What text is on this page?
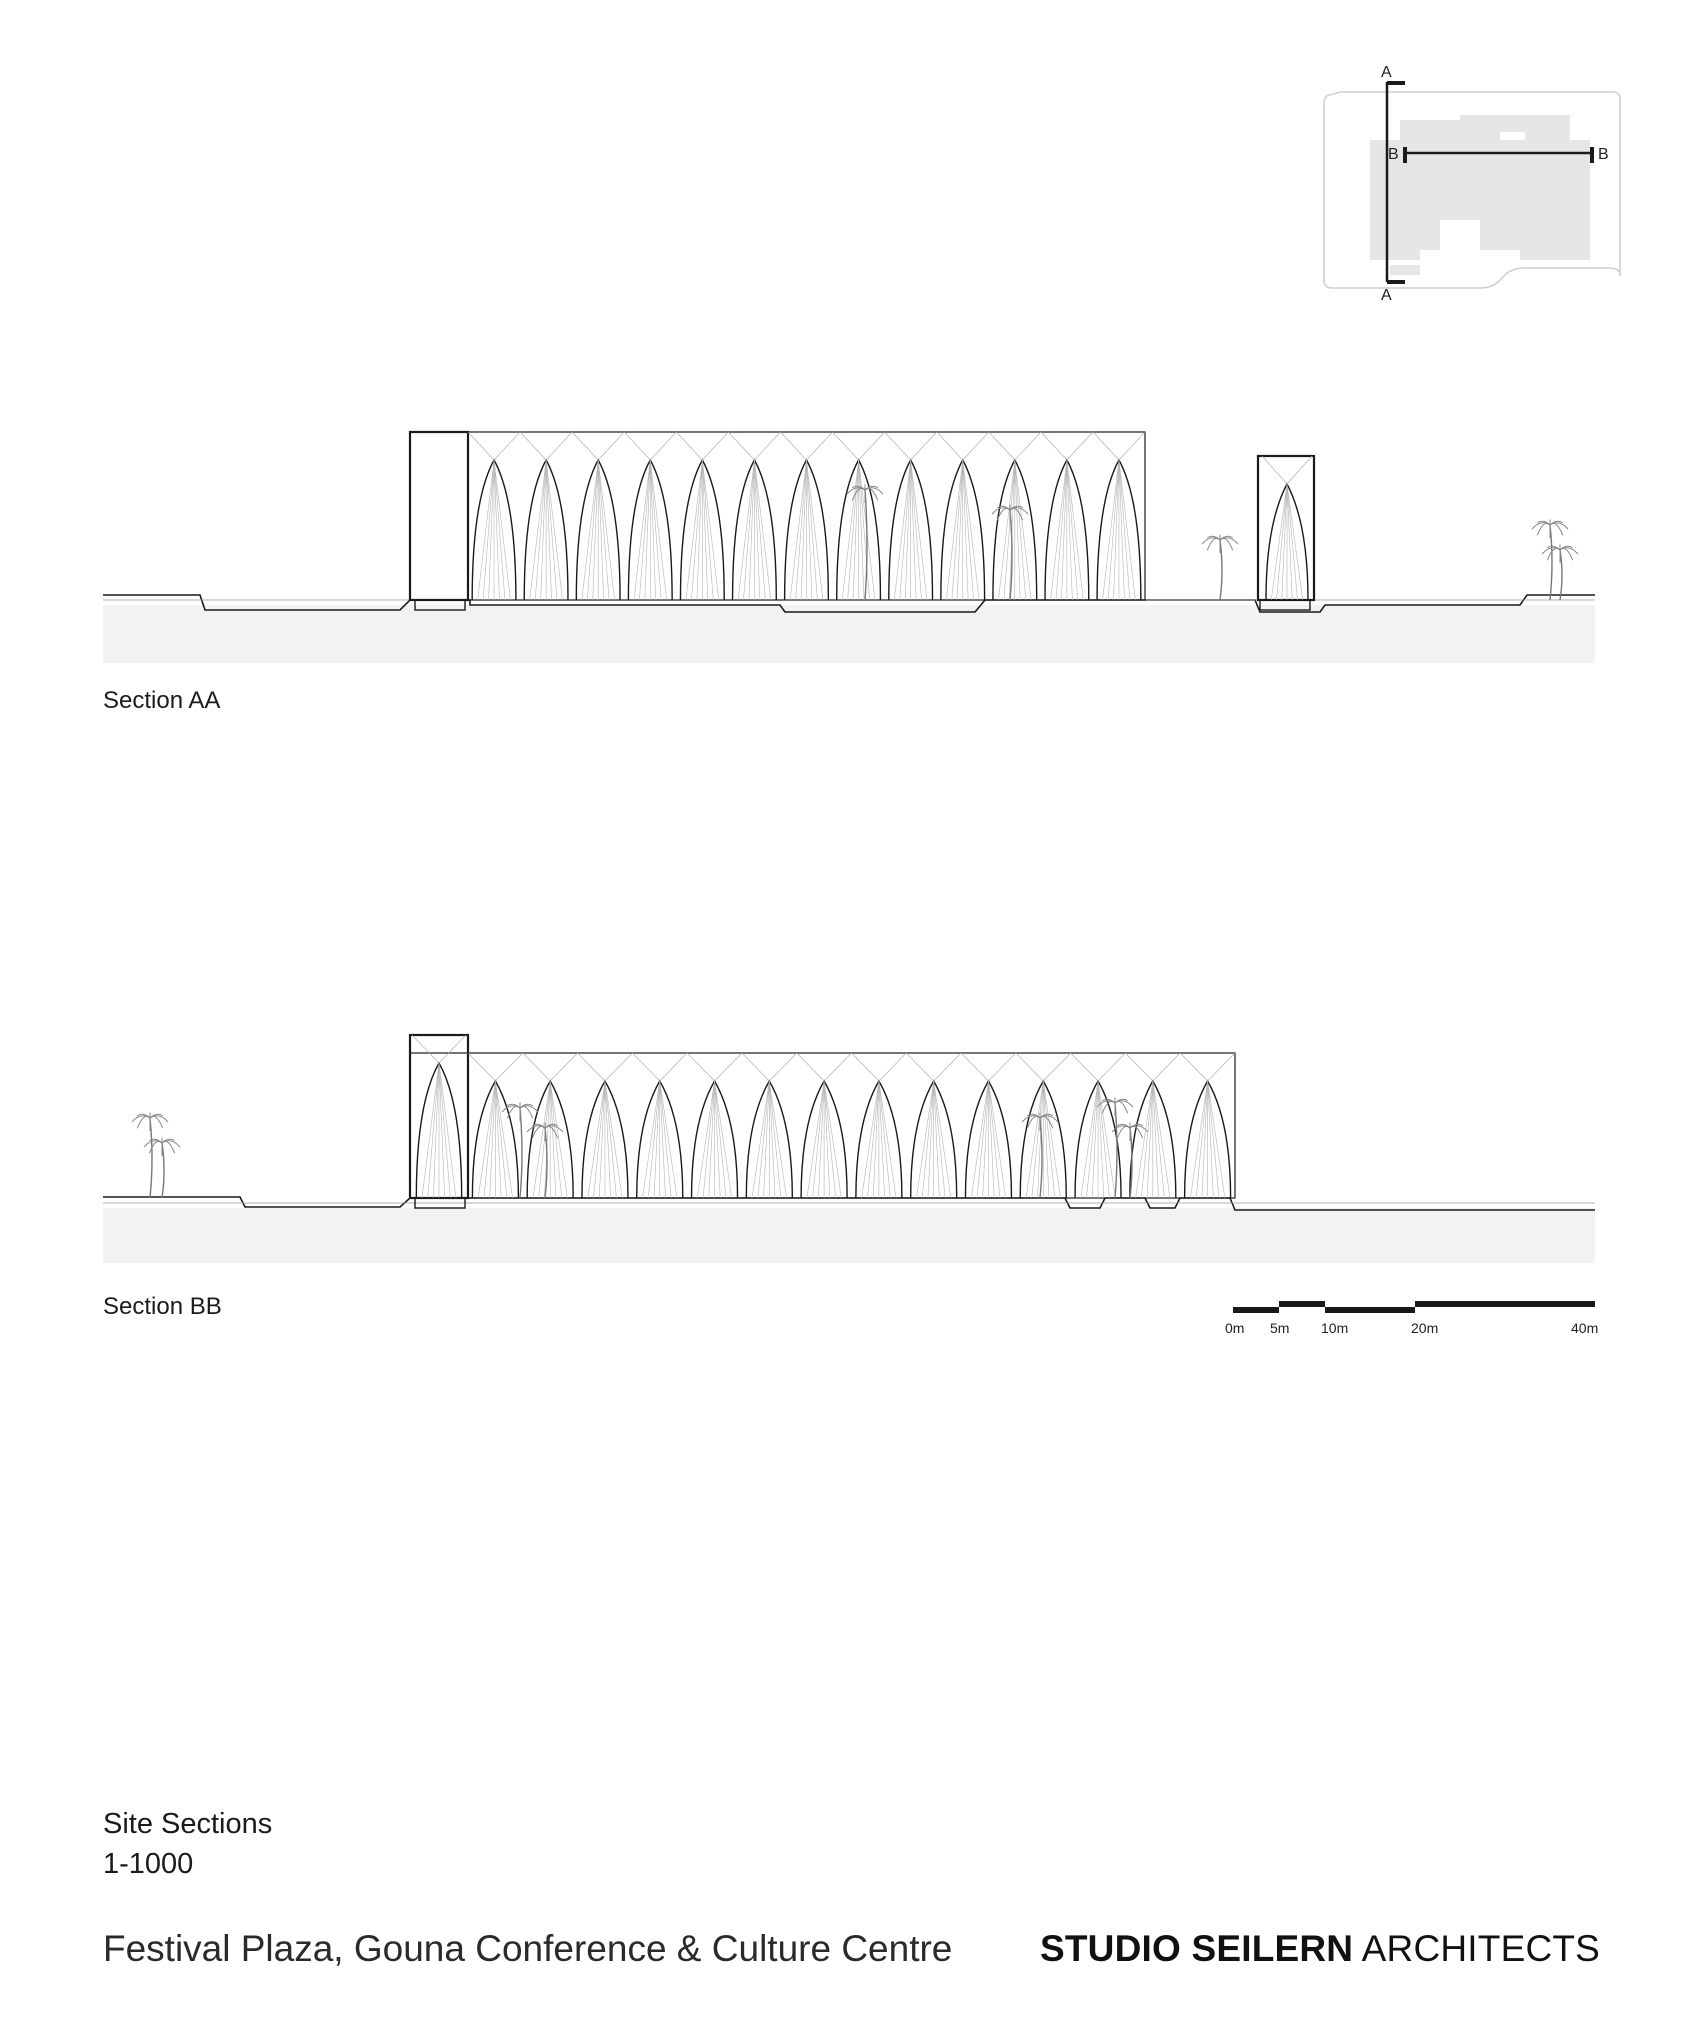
A
A
B	B
Section AA
Section BB
0m 5m 10m	20m	40m
Site Sections
1-1000
Festival Plaza, Gouna Conference & Culture Centre STUDIO SEILERN ARCHITECTS
